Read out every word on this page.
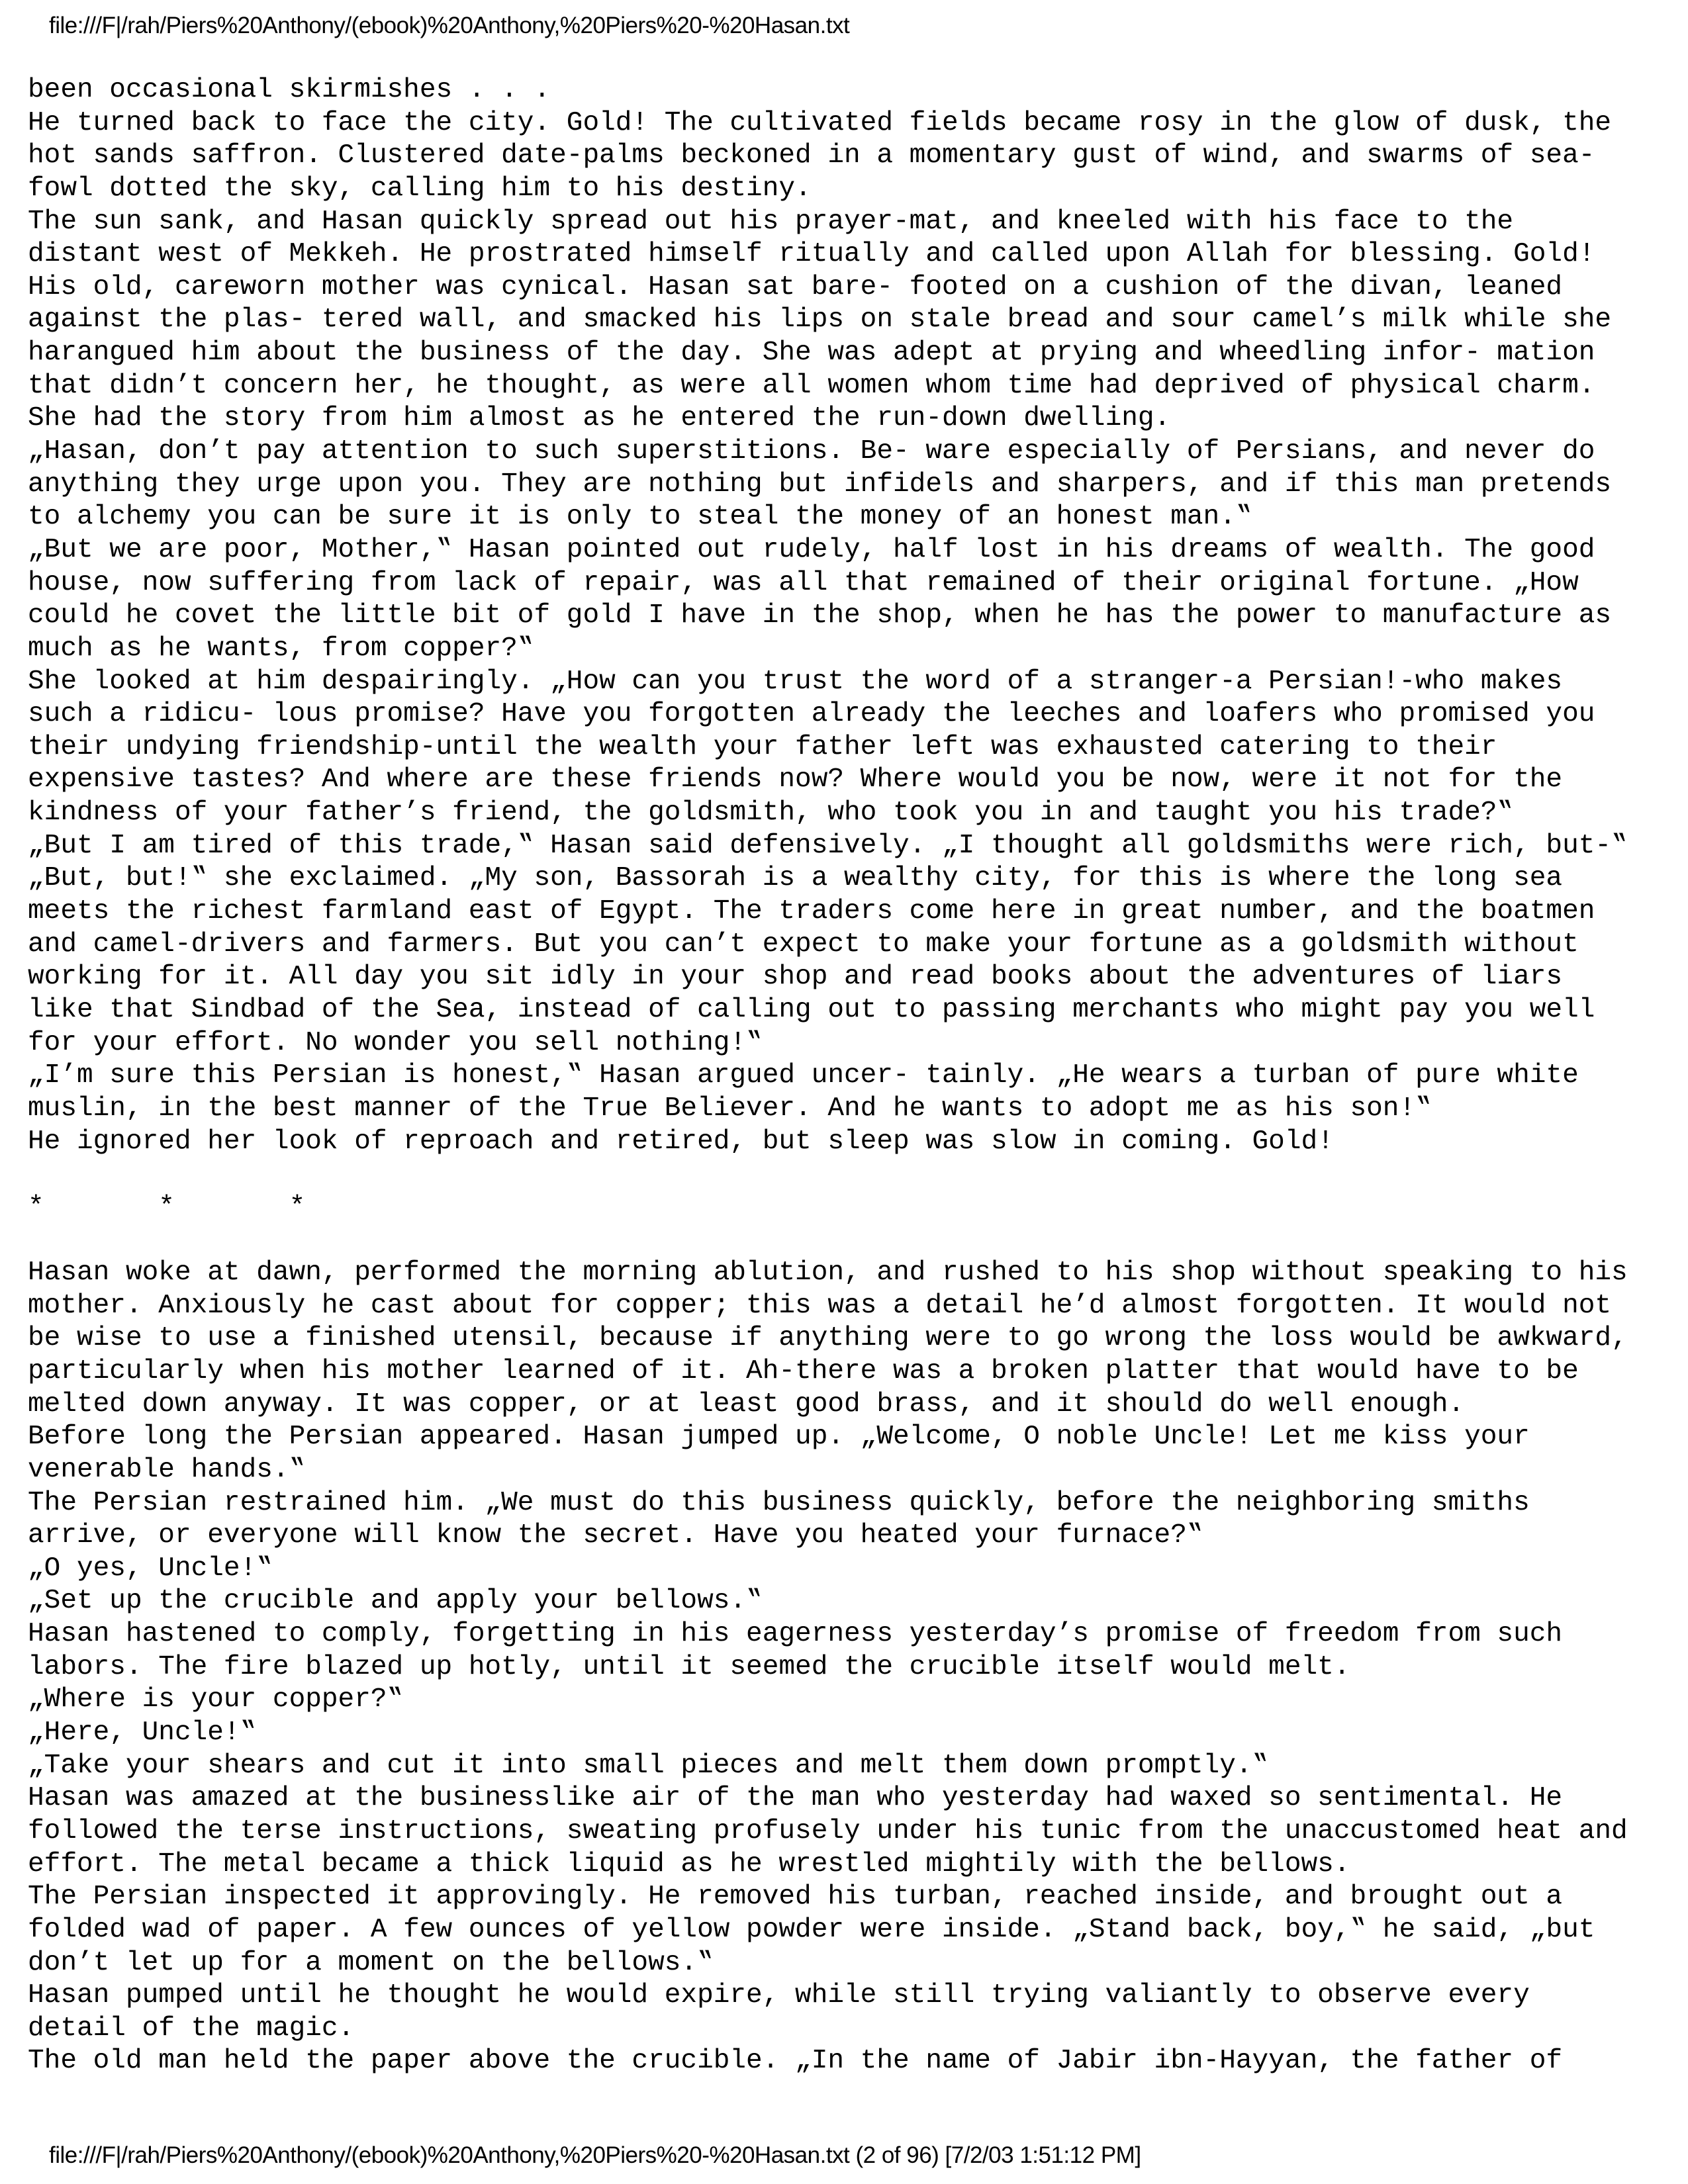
file:///F|/rah/Piers%20Anthony/(ebook)%20Anthony,%20Piers%20-%20Hasan.txt
been occasional skirmishes . . .
He turned back to face the city. Gold! The cultivated fields became rosy in the glow of dusk, the
hot sands saffron. Clustered date-palms beckoned in a momentary gust of wind, and swarms of sea-
fowl dotted the sky, calling him to his destiny.
The sun sank, and Hasan quickly spread out his prayer-mat, and kneeled with his face to the
distant west of Mekkeh. He prostrated himself ritually and called upon Allah for blessing. Gold!
His old, careworn mother was cynical. Hasan sat bare- footed on a cushion of the divan, leaned
against the plas- tered wall, and smacked his lips on stale bread and sour camel’s milk while she
harangued him about the business of the day. She was adept at prying and wheedling infor- mation
that didn’t concern her, he thought, as were all women whom time had deprived of physical charm.
She had the story from him almost as he entered the run-down dwelling.
„Hasan, don’t pay attention to such superstitions. Be- ware especially of Persians, and never do
anything they urge upon you. They are nothing but infidels and sharpers, and if this man pretends
to alchemy you can be sure it is only to steal the money of an honest man.‟
„But we are poor, Mother,‟ Hasan pointed out rudely, half lost in his dreams of wealth. The good
house, now suffering from lack of repair, was all that remained of their original fortune. „How
could he covet the little bit of gold I have in the shop, when he has the power to manufacture as
much as he wants, from copper?‟
She looked at him despairingly. „How can you trust the word of a stranger-a Persian!-who makes
such a ridicu- lous promise? Have you forgotten already the leeches and loafers who promised you
their undying friendship-until the wealth your father left was exhausted catering to their
expensive tastes? And where are these friends now? Where would you be now, were it not for the
kindness of your father’s friend, the goldsmith, who took you in and taught you his trade?‟
„But I am tired of this trade,‟ Hasan said defensively. „I thought all goldsmiths were rich, but-‟
„But, but!‟ she exclaimed. „My son, Bassorah is a wealthy city, for this is where the long sea
meets the richest farmland east of Egypt. The traders come here in great number, and the boatmen
and camel-drivers and farmers. But you can’t expect to make your fortune as a goldsmith without
working for it. All day you sit idly in your shop and read books about the adventures of liars
like that Sindbad of the Sea, instead of calling out to passing merchants who might pay you well
for your effort. No wonder you sell nothing!‟
„I’m sure this Persian is honest,‟ Hasan argued uncer- tainly. „He wears a turban of pure white
muslin, in the best manner of the True Believer. And he wants to adopt me as his son!‟
He ignored her look of reproach and retired, but sleep was slow in coming. Gold!
*       *       *
Hasan woke at dawn, performed the morning ablution, and rushed to his shop without speaking to his
mother. Anxiously he cast about for copper; this was a detail he’d almost forgotten. It would not
be wise to use a finished utensil, because if anything were to go wrong the loss would be awkward,
particularly when his mother learned of it. Ah-there was a broken platter that would have to be
melted down anyway. It was copper, or at least good brass, and it should do well enough.
Before long the Persian appeared. Hasan jumped up. „Welcome, O noble Uncle! Let me kiss your
venerable hands.‟
The Persian restrained him. „We must do this business quickly, before the neighboring smiths
arrive, or everyone will know the secret. Have you heated your furnace?‟
„O yes, Uncle!‟
„Set up the crucible and apply your bellows.‟
Hasan hastened to comply, forgetting in his eagerness yesterday’s promise of freedom from such
labors. The fire blazed up hotly, until it seemed the crucible itself would melt.
„Where is your copper?‟
„Here, Uncle!‟
„Take your shears and cut it into small pieces and melt them down promptly.‟
Hasan was amazed at the businesslike air of the man who yesterday had waxed so sentimental. He
followed the terse instructions, sweating profusely under his tunic from the unaccustomed heat and
effort. The metal became a thick liquid as he wrestled mightily with the bellows.
The Persian inspected it approvingly. He removed his turban, reached inside, and brought out a
folded wad of paper. A few ounces of yellow powder were inside. „Stand back, boy,‟ he said, „but
don’t let up for a moment on the bellows.‟
Hasan pumped until he thought he would expire, while still trying valiantly to observe every
detail of the magic.
The old man held the paper above the crucible. „In the name of Jabir ibn-Hayyan, the father of
file:///F|/rah/Piers%20Anthony/(ebook)%20Anthony,%20Piers%20-%20Hasan.txt (2 of 96) [7/2/03 1:51:12 PM]
